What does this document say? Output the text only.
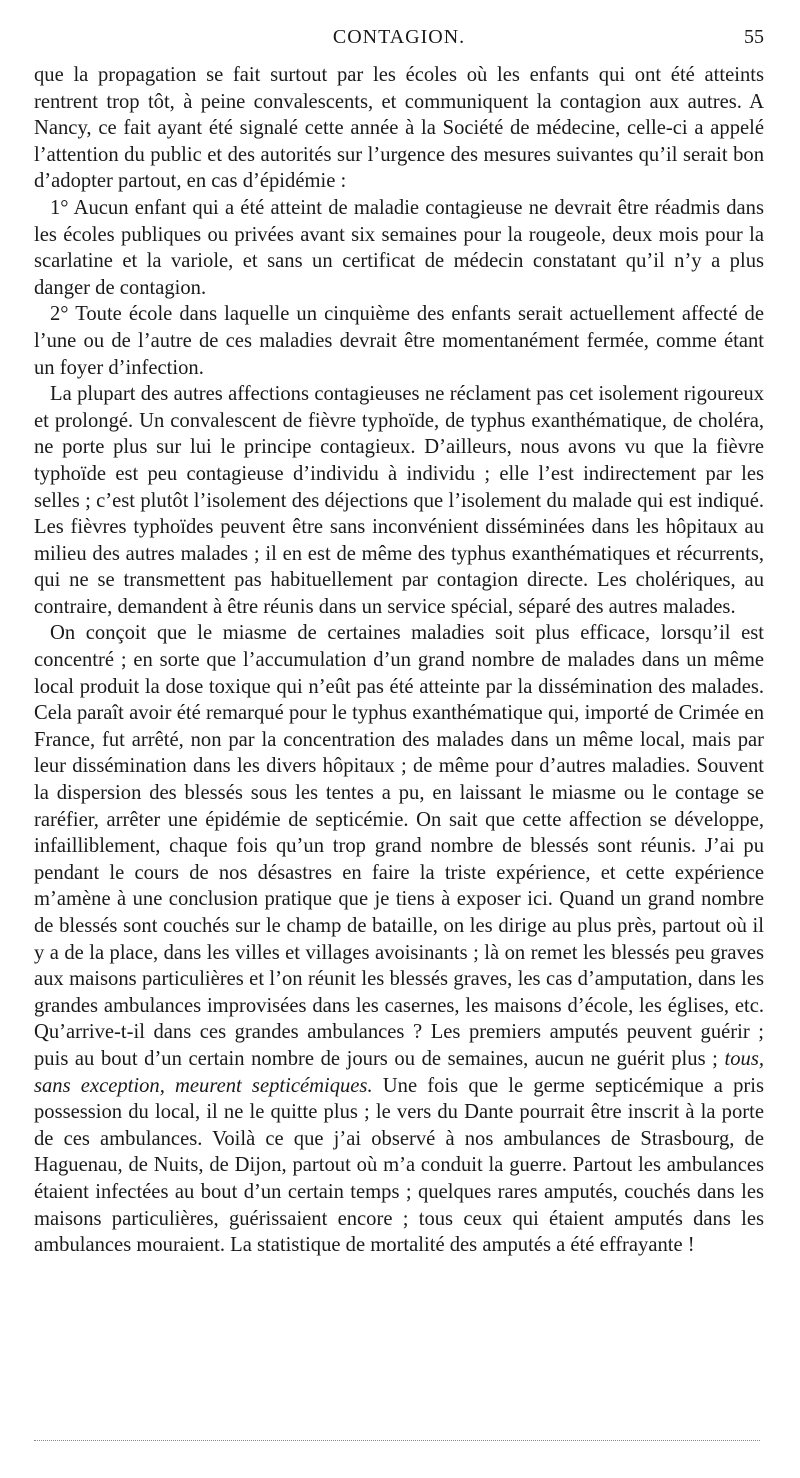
CONTAGION.	55

que la propagation se fait surtout par les écoles où les enfants qui ont été atteints rentrent trop tôt, à peine convalescents, et communiquent la contagion aux autres. A Nancy, ce fait ayant été signalé cette année à la Société de médecine, celle-ci a appelé l’attention du public et des autorités sur l’urgence des mesures suivantes qu’il serait bon d’adopter partout, en cas d’épidémie :

1° Aucun enfant qui a été atteint de maladie contagieuse ne devrait être réadmis dans les écoles publiques ou privées avant six semaines pour la rougeole, deux mois pour la scarlatine et la variole, et sans un certificat de médecin constatant qu’il n’y a plus danger de contagion.

2° Toute école dans laquelle un cinquième des enfants serait actuellement affecté de l’une ou de l’autre de ces maladies devrait être momentanément fermée, comme étant un foyer d’infection.

La plupart des autres affections contagieuses ne réclament pas cet isolement rigoureux et prolongé. Un convalescent de fièvre typhoïde, de typhus exanthématique, de choléra, ne porte plus sur lui le principe contagieux. D’ailleurs, nous avons vu que la fièvre typhoïde est peu contagieuse d’individu à individu ; elle l’est indirectement par les selles ; c’est plutôt l’isolement des déjections que l’isolement du malade qui est indiqué. Les fièvres typhoïdes peuvent être sans inconvénient disséminées dans les hôpitaux au milieu des autres malades ; il en est de même des typhus exanthématiques et récurrents, qui ne se transmettent pas habituellement par contagion directe. Les cholériques, au contraire, demandent à être réunis dans un service spécial, séparé des autres malades.

On conçoit que le miasme de certaines maladies soit plus efficace, lorsqu’il est concentré ; en sorte que l’accumulation d’un grand nombre de malades dans un même local produit la dose toxique qui n’eût pas été atteinte par la dissémination des malades. Cela paraît avoir été remarqué pour le typhus exanthématique qui, importé de Crimée en France, fut arrêté, non par la concentration des malades dans un même local, mais par leur dissémination dans les divers hôpitaux ; de même pour d’autres maladies. Souvent la dispersion des blessés sous les tentes a pu, en laissant le miasme ou le contage se raréfier, arrêter une épidémie de septicémie. On sait que cette affection se développe, infailliblement, chaque fois qu’un trop grand nombre de blessés sont réunis. J’ai pu pendant le cours de nos désastres en faire la triste expérience, et cette expérience m’amène à une conclusion pratique que je tiens à exposer ici. Quand un grand nombre de blessés sont couchés sur le champ de bataille, on les dirige au plus près, partout où il y a de la place, dans les villes et villages avoisinants ; là on remet les blessés peu graves aux maisons particulières et l’on réunit les blessés graves, les cas d’amputation, dans les grandes ambulances improvisées dans les casernes, les maisons d’école, les églises, etc. Qu’arrive-t-il dans ces grandes ambulances ? Les premiers amputés peuvent guérir ; puis au bout d’un certain nombre de jours ou de semaines, aucun ne guérit plus ; tous, sans exception, meurent septicémiques. Une fois que le germe septicémique a pris possession du local, il ne le quitte plus ; le vers du Dante pourrait être inscrit à la porte de ces ambulances. Voilà ce que j’ai observé à nos ambulances de Strasbourg, de Haguenau, de Nuits, de Dijon, partout où m’a conduit la guerre. Partout les ambulances étaient infectées au bout d’un certain temps ; quelques rares amputés, couchés dans les maisons particulières, guérissaient encore ; tous ceux qui étaient amputés dans les ambulances mouraient. La statistique de mortalité des amputés a été effrayante !
